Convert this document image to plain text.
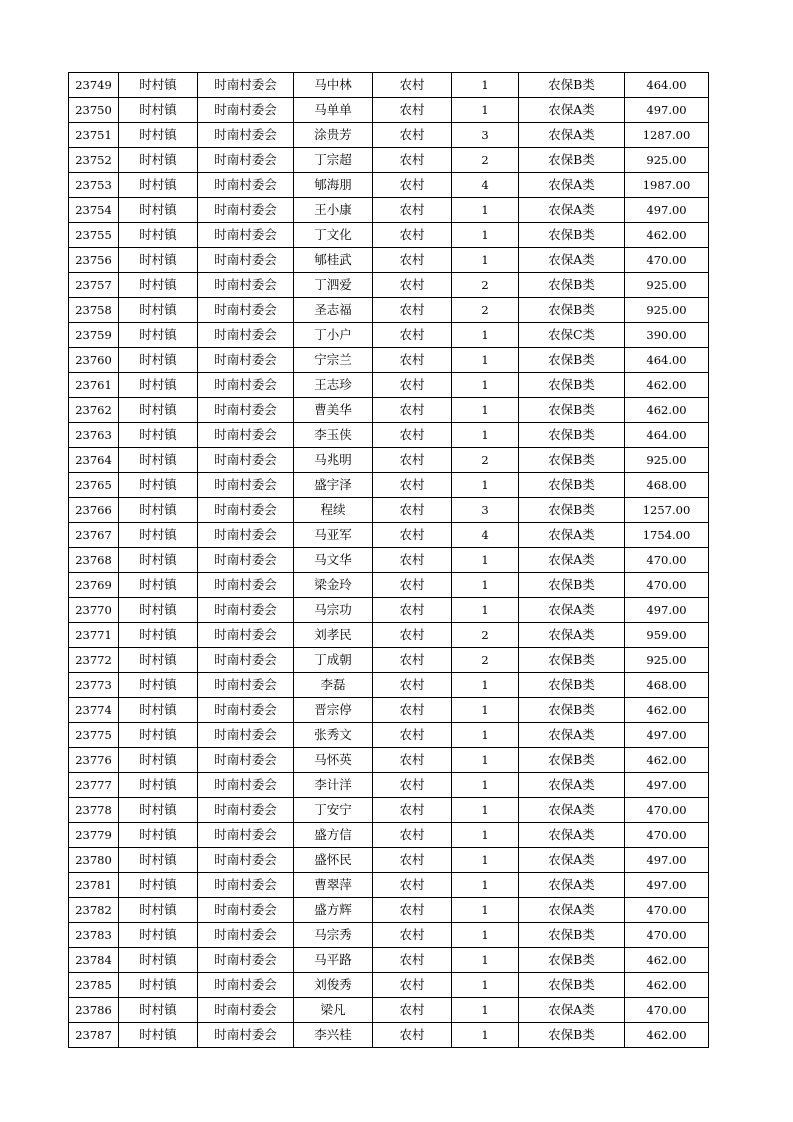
23749	时村镇	时南村委会	马中林	农村	1	农保B类	464.00
23750	时村镇	时南村委会	马单单	农村	1	农保A类	497.00
23751	时村镇	时南村委会	涂贵芳	农村	3	农保A类	1287.00
23752	时村镇	时南村委会	丁宗超	农村	2	农保B类	925.00
23753	时村镇	时南村委会	郇海朋	农村	4	农保A类	1987.00
23754	时村镇	时南村委会	王小康	农村	1	农保A类	497.00
23755	时村镇	时南村委会	丁文化	农村	1	农保B类	462.00
23756	时村镇	时南村委会	郇桂武	农村	1	农保A类	470.00
23757	时村镇	时南村委会	丁泗爱	农村	2	农保B类	925.00
23758	时村镇	时南村委会	圣志福	农村	2	农保B类	925.00
23759	时村镇	时南村委会	丁小户	农村	1	农保C类	390.00
23760	时村镇	时南村委会	宁宗兰	农村	1	农保B类	464.00
23761	时村镇	时南村委会	王志珍	农村	1	农保B类	462.00
23762	时村镇	时南村委会	曹美华	农村	1	农保B类	462.00
23763	时村镇	时南村委会	李玉侠	农村	1	农保B类	464.00
23764	时村镇	时南村委会	马兆明	农村	2	农保B类	925.00
23765	时村镇	时南村委会	盛宇泽	农村	1	农保B类	468.00
23766	时村镇	时南村委会	程续	农村	3	农保B类	1257.00
23767	时村镇	时南村委会	马亚军	农村	4	农保A类	1754.00
23768	时村镇	时南村委会	马文华	农村	1	农保A类	470.00
23769	时村镇	时南村委会	梁金玲	农村	1	农保B类	470.00
23770	时村镇	时南村委会	马宗功	农村	1	农保A类	497.00
23771	时村镇	时南村委会	刘孝民	农村	2	农保A类	959.00
23772	时村镇	时南村委会	丁成朝	农村	2	农保B类	925.00
23773	时村镇	时南村委会	李磊	农村	1	农保B类	468.00
23774	时村镇	时南村委会	晋宗停	农村	1	农保B类	462.00
23775	时村镇	时南村委会	张秀文	农村	1	农保A类	497.00
23776	时村镇	时南村委会	马怀英	农村	1	农保B类	462.00
23777	时村镇	时南村委会	李计洋	农村	1	农保A类	497.00
23778	时村镇	时南村委会	丁安宁	农村	1	农保A类	470.00
23779	时村镇	时南村委会	盛方信	农村	1	农保A类	470.00
23780	时村镇	时南村委会	盛怀民	农村	1	农保A类	497.00
23781	时村镇	时南村委会	曹翠萍	农村	1	农保A类	497.00
23782	时村镇	时南村委会	盛方辉	农村	1	农保A类	470.00
23783	时村镇	时南村委会	马宗秀	农村	1	农保B类	470.00
23784	时村镇	时南村委会	马平路	农村	1	农保B类	462.00
23785	时村镇	时南村委会	刘俊秀	农村	1	农保B类	462.00
23786	时村镇	时南村委会	梁凡	农村	1	农保A类	470.00
23787	时村镇	时南村委会	李兴桂	农村	1	农保B类	462.00
